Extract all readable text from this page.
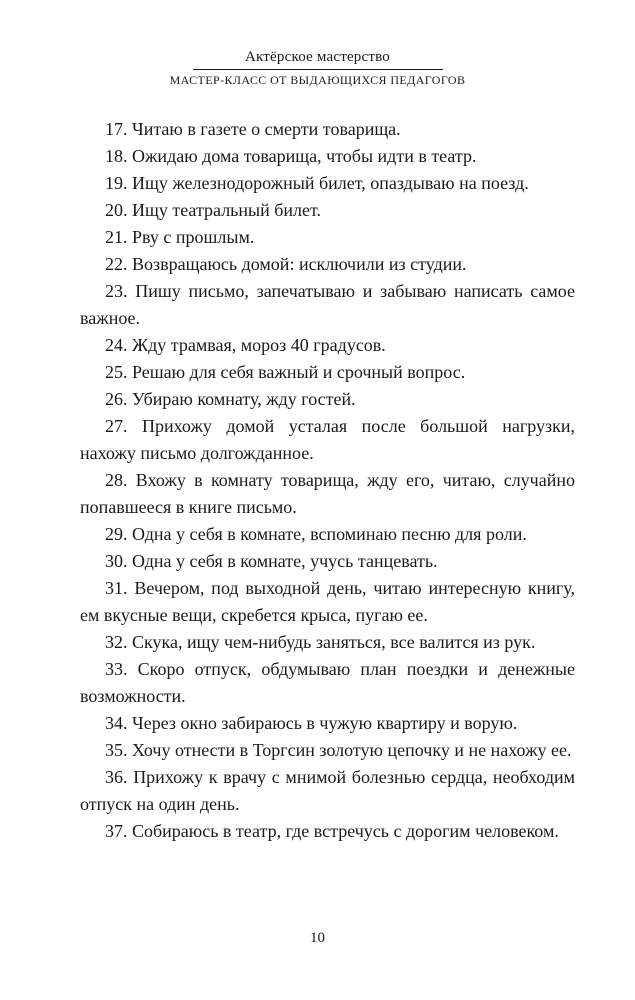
Актёрское мастерство
МАСТЕР-КЛАСС ОТ ВЫДАЮЩИХСЯ ПЕДАГОГОВ

17. Читаю в газете о смерти товарища.

18. Ожидаю дома товарища, чтобы идти в театр.

19. Ищу железнодорожный билет, опаздываю на поезд.

20. Ищу театральный билет.

21. Рву с прошлым.

22. Возвращаюсь домой: исключили из студии.

23. Пишу письмо, запечатываю и забываю написать самое важное.

24. Жду трамвая, мороз 40 градусов.

25. Решаю для себя важный и срочный вопрос.

26. Убираю комнату, жду гостей.

27. Прихожу домой усталая после большой нагрузки, нахожу письмо долгожданное.

28. Вхожу в комнату товарища, жду его, читаю, случайно попавшееся в книге письмо.

29. Одна у себя в комнате, вспоминаю песню для роли.

30. Одна у себя в комнате, учусь танцевать.

31. Вечером, под выходной день, читаю интересную книгу, ем вкусные вещи, скребется крыса, пугаю ее.

32. Скука, ищу чем-нибудь заняться, все валится из рук.

33. Скоро отпуск, обдумываю план поездки и денежные возможности.

34. Через окно забираюсь в чужую квартиру и ворую.

35. Хочу отнести в Торгсин золотую цепочку и не нахожу ее.

36. Прихожу к врачу с мнимой болезнью сердца, необходим отпуск на один день.

37. Собираюсь в театр, где встречусь с дорогим человеком.

10
